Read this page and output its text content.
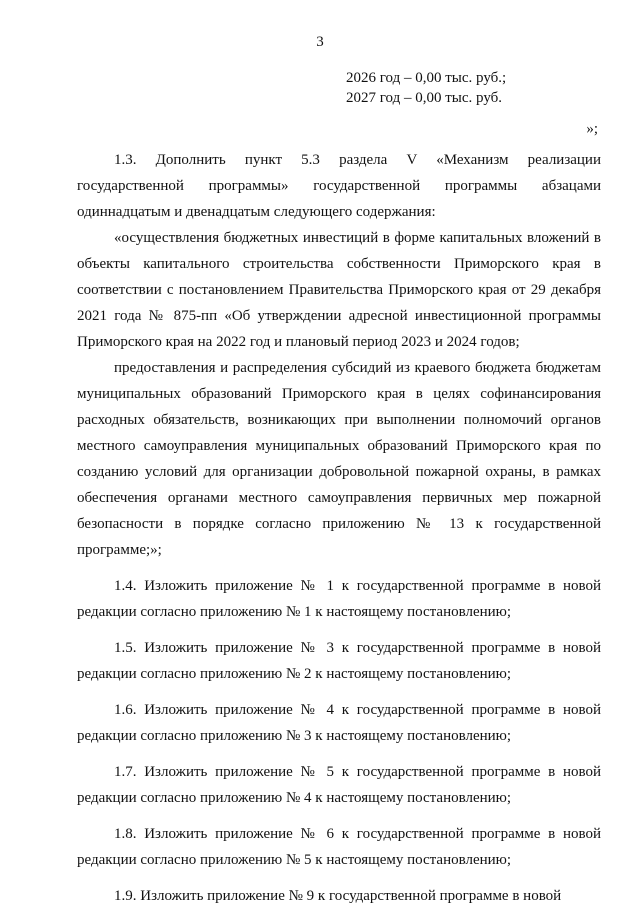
3
2026 год – 0,00 тыс. руб.;
2027 год – 0,00 тыс. руб.
»;

1.3. Дополнить пункт 5.3 раздела V «Механизм реализации государственной программы» государственной программы абзацами одиннадцатым и двенадцатым следующего содержания:

«осуществления бюджетных инвестиций в форме капитальных вложений в объекты капитального строительства собственности Приморского края в соответствии с постановлением Правительства Приморского края от 29 декабря 2021 года № 875-пп «Об утверждении адресной инвестиционной программы Приморского края на 2022 год и плановый период 2023 и 2024 годов;

предоставления и распределения субсидий из краевого бюджета бюджетам муниципальных образований Приморского края в целях софинансирования расходных обязательств, возникающих при выполнении полномочий органов местного самоуправления муниципальных образований Приморского края по созданию условий для организации добровольной пожарной охраны, в рамках обеспечения органами местного самоуправления первичных мер пожарной безопасности в порядке согласно приложению № 13 к государственной программе;»;

1.4. Изложить приложение № 1 к государственной программе в новой редакции согласно приложению № 1 к настоящему постановлению;

1.5. Изложить приложение № 3 к государственной программе в новой редакции согласно приложению № 2 к настоящему постановлению;

1.6. Изложить приложение № 4 к государственной программе в новой редакции согласно приложению № 3 к настоящему постановлению;

1.7. Изложить приложение № 5 к государственной программе в новой редакции согласно приложению № 4 к настоящему постановлению;

1.8. Изложить приложение № 6 к государственной программе в новой редакции согласно приложению № 5 к настоящему постановлению;

1.9. Изложить приложение № 9 к государственной программе в новой
